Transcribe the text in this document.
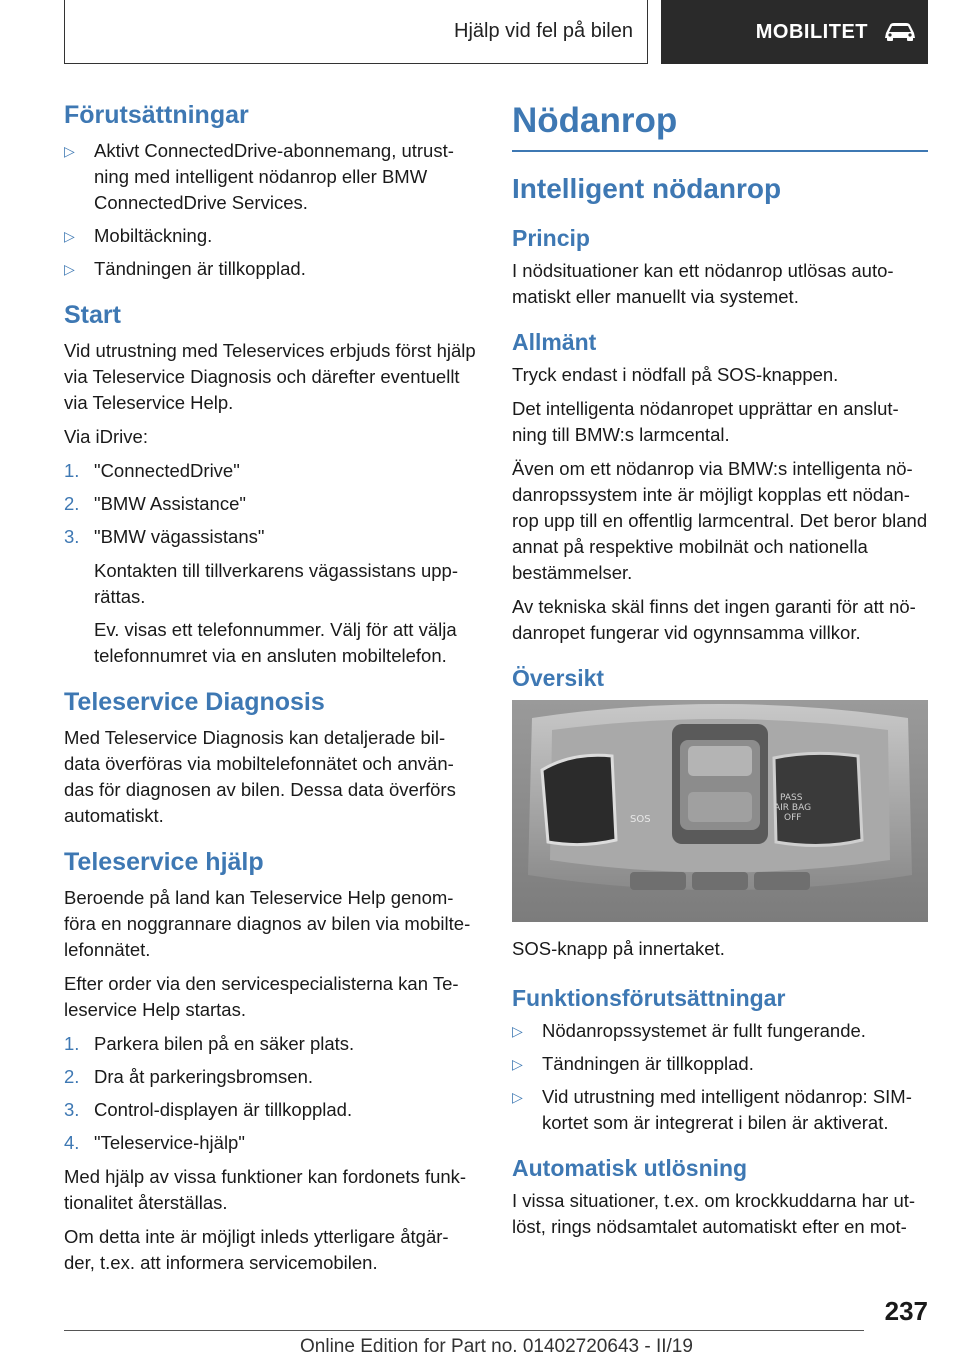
Hjälp vid fel på bilen	MOBILITET
Förutsättningar
▷ Aktivt ConnectedDrive-abonnemang, utrust-ning med intelligent nödanrop eller BMW ConnectedDrive Services.
▷ Mobiltäckning.
▷ Tändningen är tillkopplad.
Start

Vid utrustning med Teleservices erbjuds först hjälp via Teleservice Diagnosis och därefter eventuellt via Teleservice Help.

Via iDrive:

1. "ConnectedDrive"
2. "BMW Assistance"
3. "BMW vägassistans"

Kontakten till tillverkarens vägassistans upp-rättas.

Ev. visas ett telefonnummer. Välj för att välja telefonnumret via en ansluten mobiltelefon.

Teleservice Diagnosis

Med Teleservice Diagnosis kan detaljerade bil-data överföras via mobiltelefonnätet och använ-das för diagnosen av bilen. Dessa data överförs automatiskt.

Teleservice hjälp

Beroende på land kan Teleservice Help genom-föra en noggrannare diagnos av bilen via mobilte-lefonnätet.

Efter order via den servicespecialisterna kan Te-leservice Help startas.

1. Parkera bilen på en säker plats.
2. Dra åt parkeringsbromsen.
3. Control-displayen är tillkopplad.
4. "Teleservice-hjälp"

Med hjälp av vissa funktioner kan fordonets funk-tionalitet återställas.

Om detta inte är möjligt inleds ytterligare åtgär-der, t.ex. att informera servicemobilen.

Nödanrop
Intelligent nödanrop
Princip

I nödsituationer kan ett nödanrop utlösas auto-matiskt eller manuellt via systemet.

Allmänt

Tryck endast i nödfall på SOS-knappen.

Det intelligenta nödanropet upprättar en anslut-ning till BMW:s larmcental.

Även om ett nödanrop via BMW:s intelligenta nö-danropssystem inte är möjligt kopplas ett nödan-rop upp till en offentlig larmcentral. Det beror bland annat på respektive mobilnät och nationella bestämmelser.

Av tekniska skäl finns det ingen garanti för att nö-danropet fungerar vid ogynnsamma villkor.

Översikt
SOS
PASS
AIR BAG
OFF

SOS-knapp på innertaket.

Funktionsförutsättningar
▷ Nödanropssystemet är fullt fungerande.
▷ Tändningen är tillkopplad.
▷ Vid utrustning med intelligent nödanrop: SIM-kortet som är integrerat i bilen är aktiverat.
Automatisk utlösning

I vissa situationer, t.ex. om krockkuddarna har ut-löst, rings nödsamtalet automatiskt efter en mot-

237
Online Edition for Part no. 01402720643 - II/19
